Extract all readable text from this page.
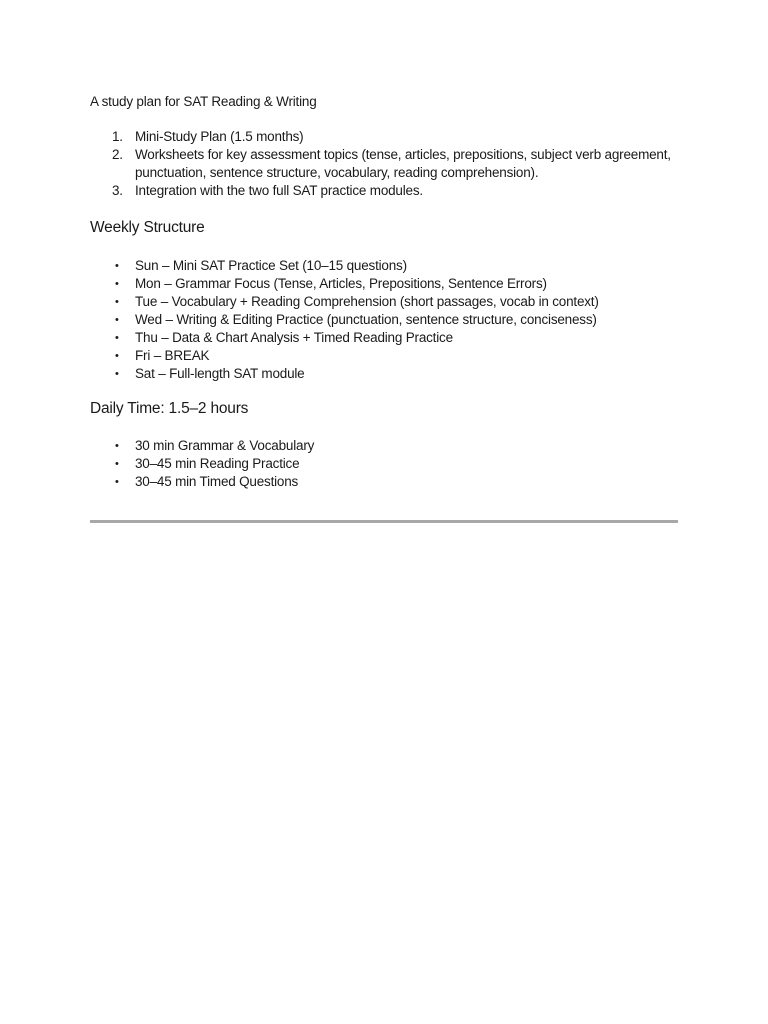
A study plan for SAT Reading & Writing
1. Mini-Study Plan (1.5 months)
2. Worksheets for key assessment topics (tense, articles, prepositions, subject verb agreement, punctuation, sentence structure, vocabulary, reading comprehension).
3. Integration with the two full SAT practice modules.
Weekly Structure
• Sun – Mini SAT Practice Set (10–15 questions)
• Mon – Grammar Focus (Tense, Articles, Prepositions, Sentence Errors)
• Tue – Vocabulary + Reading Comprehension (short passages, vocab in context)
• Wed – Writing & Editing Practice (punctuation, sentence structure, conciseness)
• Thu – Data & Chart Analysis + Timed Reading Practice
• Fri – BREAK
• Sat – Full-length SAT module
Daily Time: 1.5–2 hours
• 30 min Grammar & Vocabulary
• 30–45 min Reading Practice
• 30–45 min Timed Questions
